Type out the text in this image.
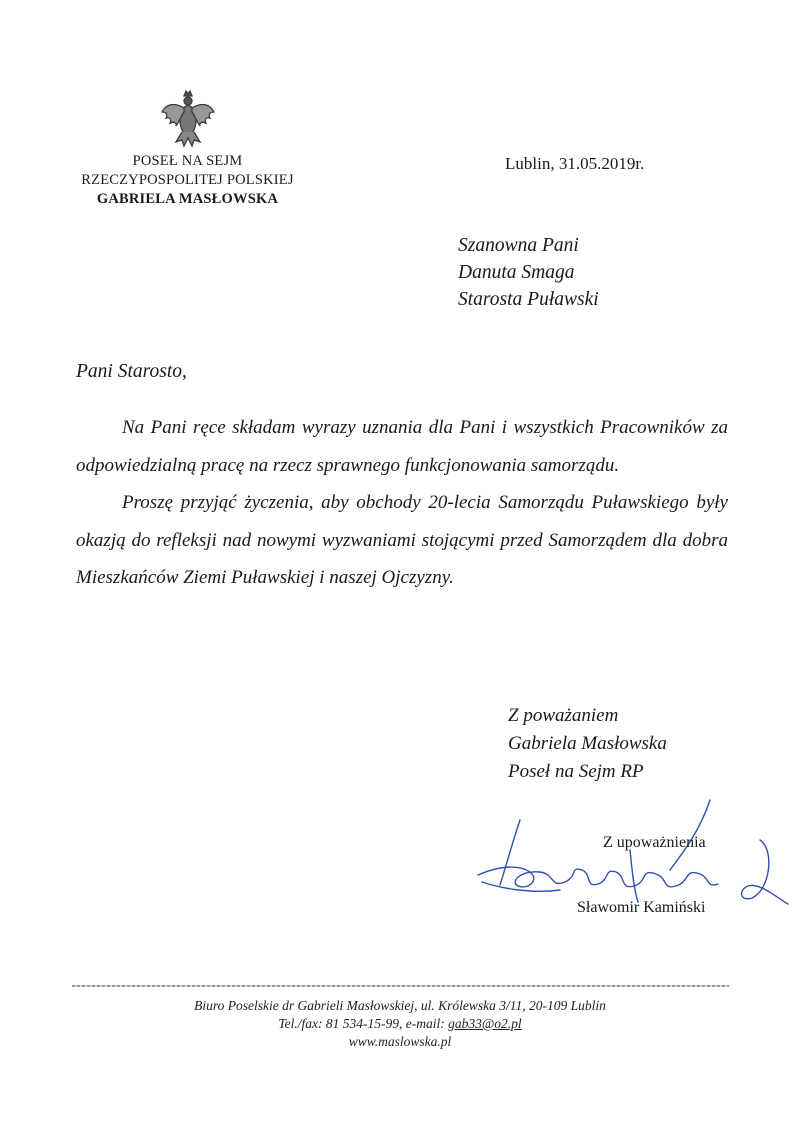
POSEŁ NA SEJM
RZECZYPOSPOLITEJ POLSKIEJ
GABRIELA MASŁOWSKA
Lublin, 31.05.2019r.
Szanowna Pani
Danuta Smaga
Starosta Puławski
Pani Starosto,

Na Pani ręce składam wyrazy uznania dla Pani i wszystkich Pracowników za odpowiedzialną pracę na rzecz sprawnego funkcjonowania samorządu.

Proszę przyjąć życzenia, aby obchody 20-lecia Samorządu Puławskiego były okazją do refleksji nad nowymi wyzwaniami stojącymi przed Samorządem dla dobra Mieszkańców Ziemi Puławskiej i naszej Ojczyzny.

Z poważaniem
Gabriela Masłowska
Poseł na Sejm RP
Z upoważnienia
Sławomir Kamiński
Biuro Poselskie dr Gabrieli Masłowskiej, ul. Królewska 3/11, 20-109 Lublin
Tel./fax: 81 534-15-99, e-mail: gab33@o2.pl
www.maslowska.pl
